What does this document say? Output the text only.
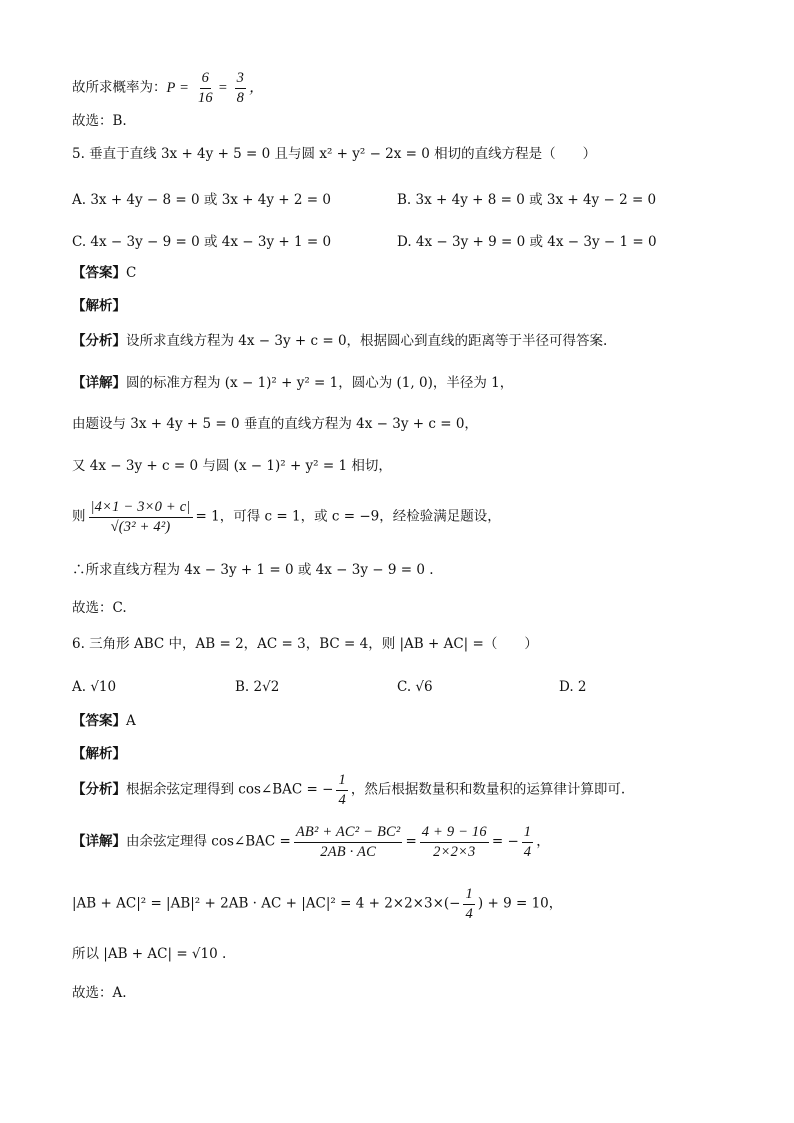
故所求概率为：$P = \frac{6}{16} = \frac{3}{8}$ ，
故选：B.
5. 垂直于直线 3x + 4y + 5 = 0 且与圆 x² + y² − 2x = 0 相切的直线方程是（　　）
A. 3x + 4y − 8 = 0 或 3x + 4y + 2 = 0	B. 3x + 4y + 8 = 0 或 3x + 4y − 2 = 0
C. 4x − 3y − 9 = 0 或 4x − 3y + 1 = 0	D. 4x − 3y + 9 = 0 或 4x − 3y − 1 = 0
【答案】C
【解析】
【分析】设所求直线方程为 4x − 3y + c = 0，根据圆心到直线的距离等于半径可得答案.
【详解】圆的标准方程为 (x − 1)² + y² = 1，圆心为 (1, 0)，半径为 1，
由题设与 3x + 4y + 5 = 0 垂直的直线方程为 4x − 3y + c = 0，
又 4x − 3y + c = 0 与圆 (x − 1)² + y² = 1 相切，
则 $\frac{|4\times 1 - 3\times 0 + c|}{\text{√(3² + 4²)}} = 1$，可得 c = 1，或 c = −9，经检验满足题设，
∴所求直线方程为 4x − 3y + 1 = 0 或 4x − 3y − 9 = 0 .
故选：C.
6. 三角形 ABC 中，AB = 2，AC = 3，BC = 4，则 |AB + AC| =（　　）
A. √10	B. 2√2	C. √6	D. 2
【答案】A
【解析】
【分析】根据余弦定理得到 cos∠BAC = − $\frac{1}{4}$ ，然后根据数量积和数量积的运算律计算即可.
【详解】由余弦定理得 cos∠BAC = $\frac{\text{AB² + AC² − BC²}}{2AB \cdot AC} = \frac{4 + 9 - 16}{2\times 2\times 3}$ = − $\frac{1}{4}$ ，
|AB + AC|² = |AB|² + 2AB · AC + $|AC|^2 = 4 + 2\times 2\times 3\times(- \frac{1}{4}$ ) + 9 = 10，
所以 |AB + AC| = √10 .
故选：A.
